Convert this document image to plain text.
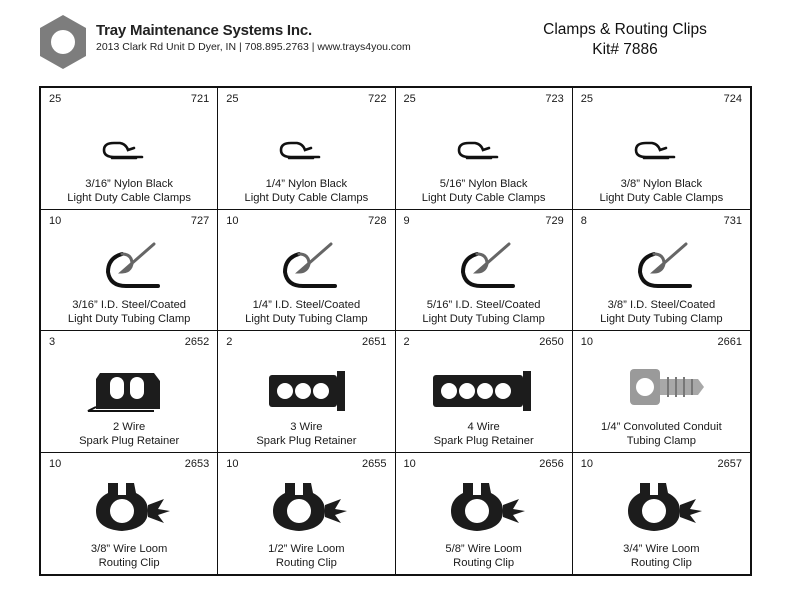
Tray Maintenance Systems Inc.
2013 Clark Rd Unit D Dyer, IN | 708.895.2763 | www.trays4you.com
Clamps & Routing Clips
Kit# 7886
25	721
3/16” Nylon Black
Light Duty Cable Clamps
25	722
1/4” Nylon Black
Light Duty Cable Clamps
25	723
5/16” Nylon Black
Light Duty Cable Clamps
25	724
3/8” Nylon Black
Light Duty Cable Clamps
10	727
3/16” I.D. Steel/Coated
Light Duty Tubing Clamp
10	728
1/4” I.D. Steel/Coated
Light Duty Tubing Clamp
9	729
5/16” I.D. Steel/Coated
Light Duty Tubing Clamp
8	731
3/8” I.D. Steel/Coated
Light Duty Tubing Clamp
3	2652
2 Wire
Spark Plug Retainer
2	2651
3 Wire
Spark Plug Retainer
2	2650
4 Wire
Spark Plug Retainer
10	2661
1/4” Convoluted Conduit
Tubing Clamp
10	2653
3/8” Wire Loom
Routing Clip
10	2655
1/2” Wire Loom
Routing Clip
10	2656
5/8” Wire Loom
Routing Clip
10	2657
3/4” Wire Loom
Routing Clip
